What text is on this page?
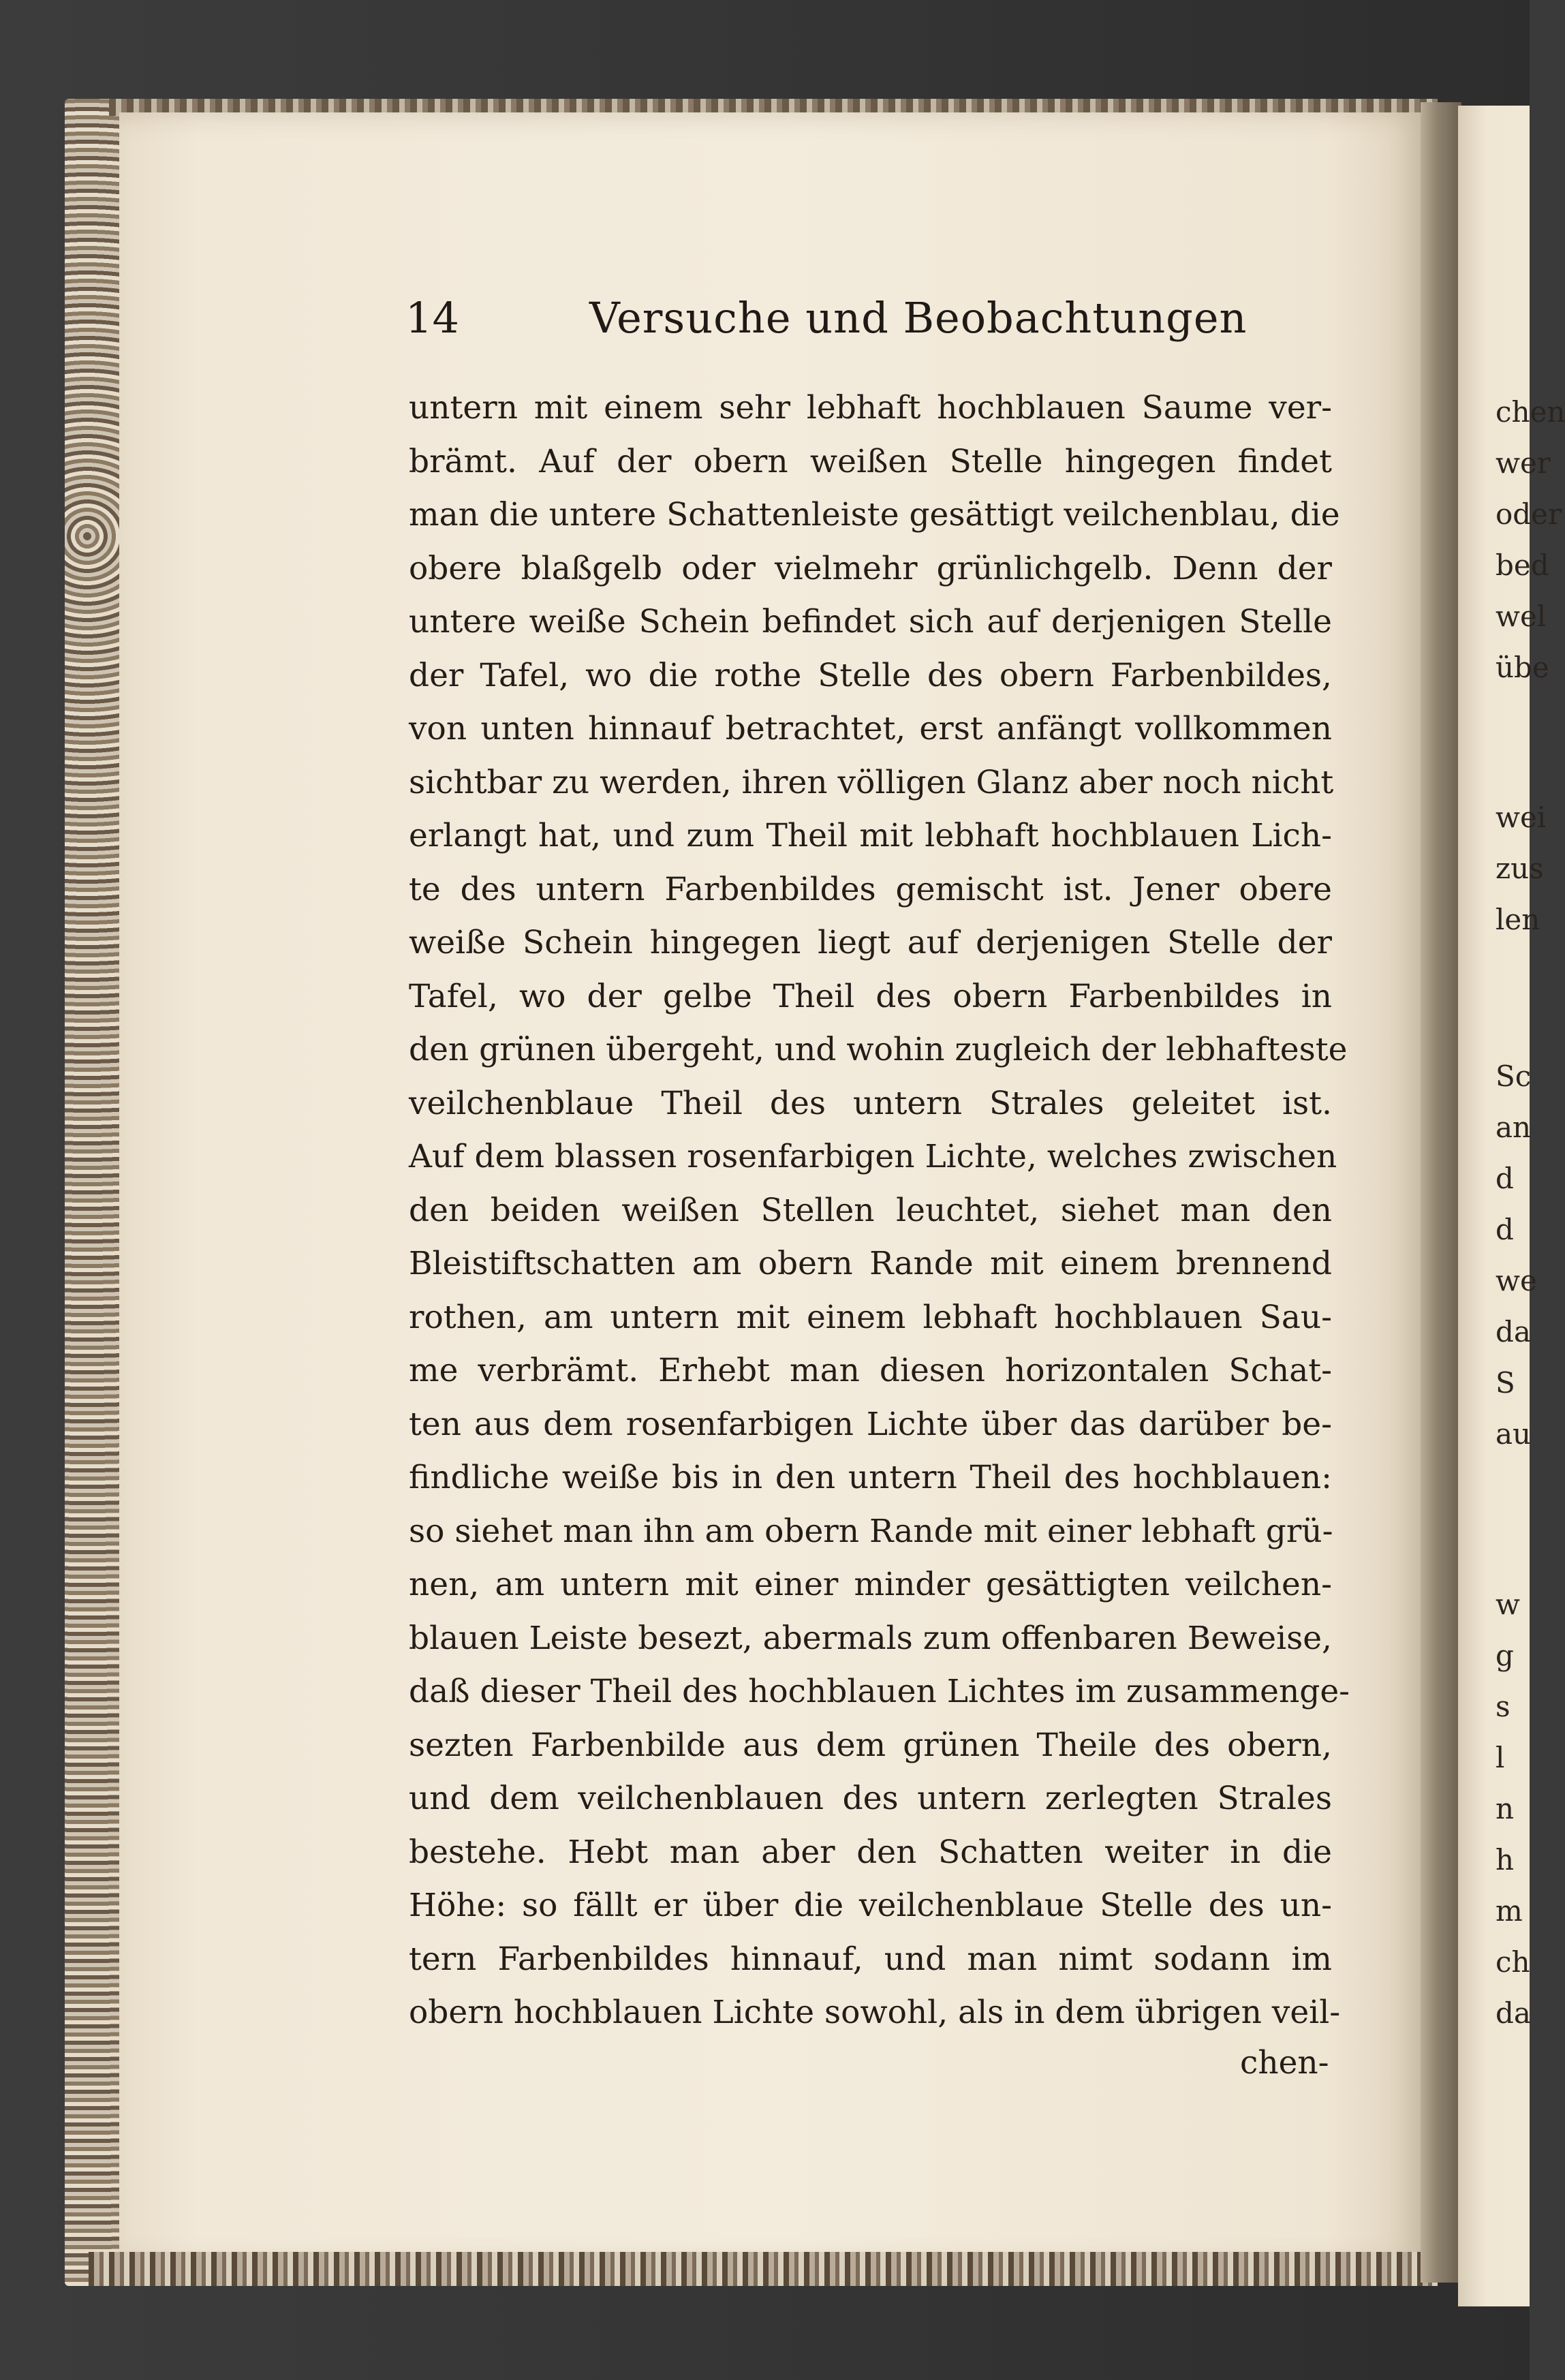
14	Versuche und Beobachtungen
untern mit einem sehr lebhaft hochblauen Saume ver-
brämt. Auf der obern weißen Stelle hingegen findet
man die untere Schattenleiste gesättigt veilchenblau, die
obere blaßgelb oder vielmehr grünlichgelb. Denn der
untere weiße Schein befindet sich auf derjenigen Stelle
der Tafel, wo die rothe Stelle des obern Farbenbildes,
von unten hinnauf betrachtet, erst anfängt vollkommen
sichtbar zu werden, ihren völligen Glanz aber noch nicht
erlangt hat, und zum Theil mit lebhaft hochblauen Lich-
te des untern Farbenbildes gemischt ist. Jener obere
weiße Schein hingegen liegt auf derjenigen Stelle der
Tafel, wo der gelbe Theil des obern Farbenbildes in
den grünen übergeht, und wohin zugleich der lebhafteste
veilchenblaue Theil des untern Strales geleitet ist.
Auf dem blassen rosenfarbigen Lichte, welches zwischen
den beiden weißen Stellen leuchtet, siehet man den
Bleistiftschatten am obern Rande mit einem brennend
rothen, am untern mit einem lebhaft hochblauen Sau-
me verbrämt. Erhebt man diesen horizontalen Schat-
ten aus dem rosenfarbigen Lichte über das darüber be-
findliche weiße bis in den untern Theil des hochblauen:
so siehet man ihn am obern Rande mit einer lebhaft grü-
nen, am untern mit einer minder gesättigten veilchen-
blauen Leiste besezt, abermals zum offenbaren Beweise,
daß dieser Theil des hochblauen Lichtes im zusammenge-
sezten Farbenbilde aus dem grünen Theile des obern,
und dem veilchenblauen des untern zerlegten Strales
bestehe. Hebt man aber den Schatten weiter in die
Höhe: so fällt er über die veilchenblaue Stelle des un-
tern Farbenbildes hinnauf, und man nimt sodann im
obern hochblauen Lichte sowohl, als in dem übrigen veil-
chen-
chen
wer
oder
bed
wel
übe
wei
zus
len
Sc
an
d
d
we
da
S
au
w
g
s
l
n
h
m
ch
da
